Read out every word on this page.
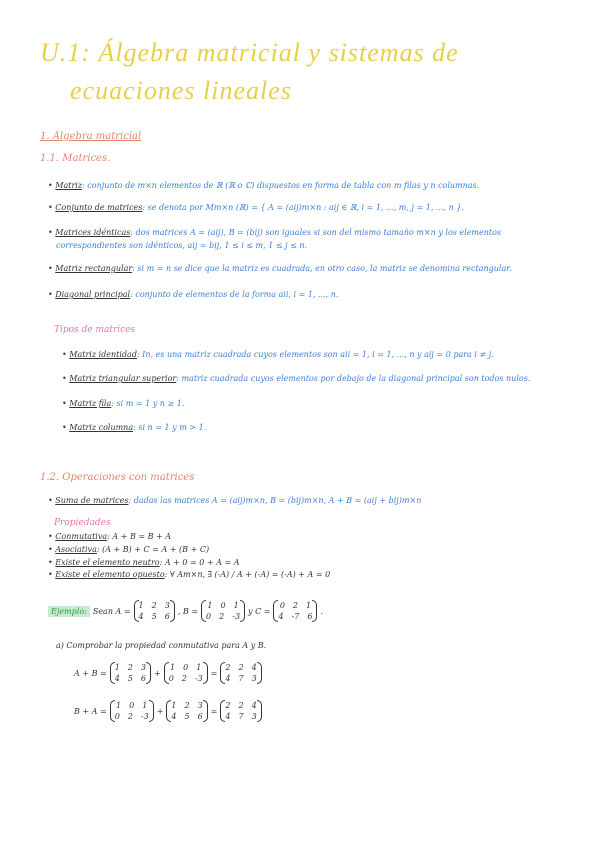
U.1: Álgebra matricial y sistemas de
ecuaciones lineales
1. Álgebra matricial
1.1. Matrices.
• Matriz: conjunto de m×n elementos de ℝ (ℝ o ℂ) dispuestos en forma de tabla con m filas y n columnas.
• Conjunto de matrices: se denota por Mm×n (ℝ) = { A = (aij)m×n : aij ∈ ℝ, i = 1, ..., m, j = 1, ..., n }.
• Matrices idénticas: dos matrices A = (aij), B = (bij) son iguales si son del mismo tamaño m×n y los elementos
correspondientes son idénticos, aij = bij, 1 ≤ i ≤ m, 1 ≤ j ≤ n.
• Matriz rectangular: si m = n se dice que la matriz es cuadrada, en otro caso, la matriz se denomina rectangular.
• Diagonal principal: conjunto de elementos de la forma aii, i = 1, ..., n.
Tipos de matrices
• Matriz identidad: In, es una matriz cuadrada cuyos elementos son aii = 1, i = 1, ..., n y aij = 0 para i ≠ j.
• Matriz triangular superior: matriz cuadrada cuyos elementos por debajo de la diagonal principal son todos nulos.
• Matriz fila: si m = 1 y n ≥ 1.
• Matriz columna: si n = 1 y m > 1.
1.2. Operaciones con matrices
• Suma de matrices: dadas las matrices A = (aij)m×n, B = (bij)m×n, A + B = (aij + bij)m×n
Propiedades
• Conmutativa: A + B = B + A
• Asociativa: (A + B) + C = A + (B + C)
• Existe el elemento neutro: A + 0 = 0 + A = A
• Existe el elemento opuesto: ∀ Am×n, ∃ (-A) / A + (-A) = (-A) + A = 0
Ejemplo: Sean A =
1 2 3
4 5 6
, B =
1 0 1
0 2 -3
y C =
0 2 1
4 -7 6
.
a) Comprobar la propiedad conmutativa para A y B.
A + B =
1 2 3
4 5 6
+
1 0 1
0 2 -3
=
2 2 4
4 7 3
B + A =
1 0 1
0 2 -3
+
1 2 3
4 5 6
=
2 2 4
4 7 3
